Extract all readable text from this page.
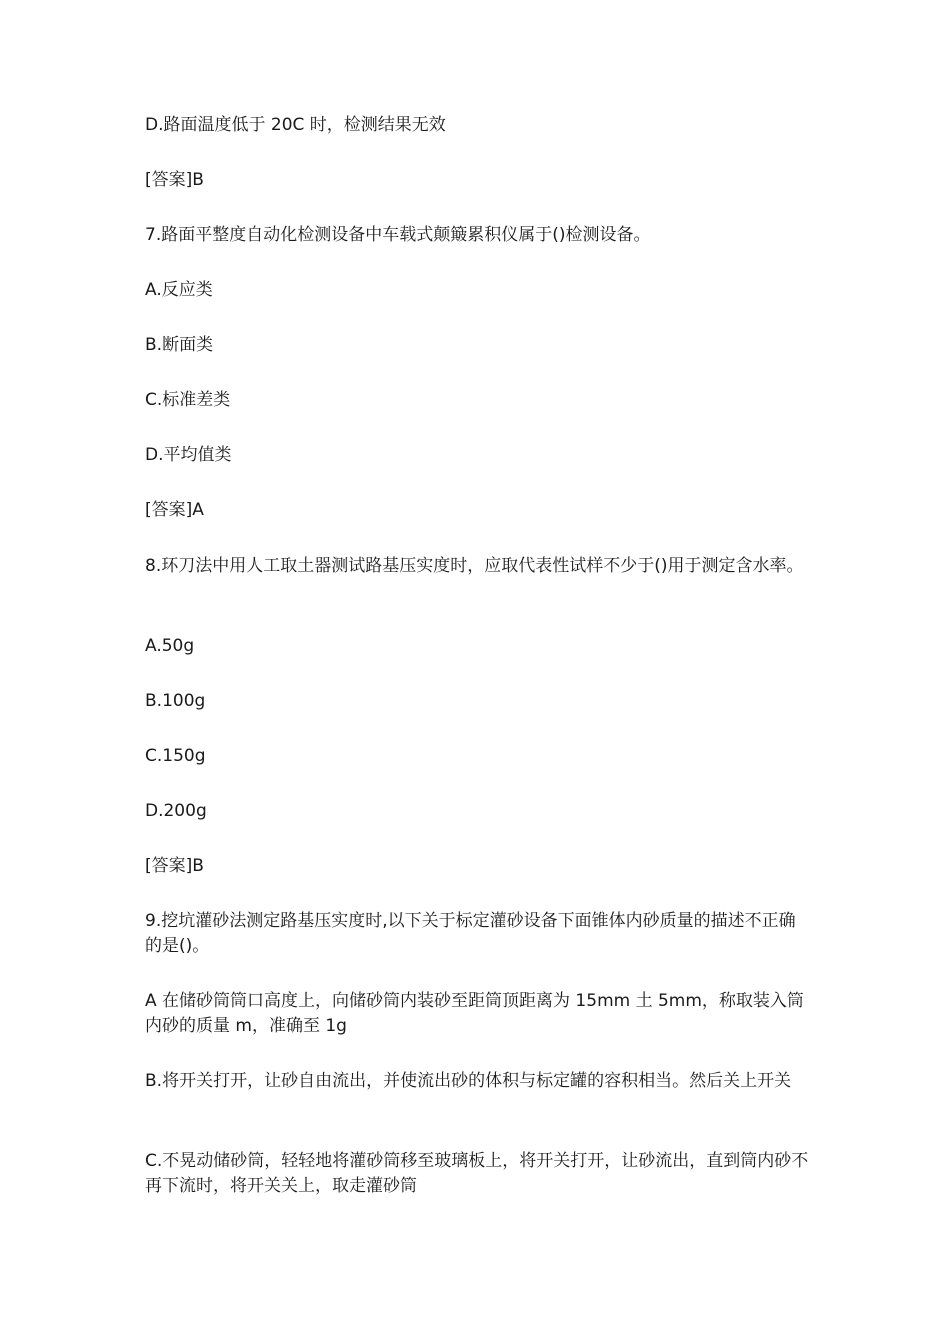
D.路面温度低于 20C 时，检测结果无效
[答案]B
7.路面平整度自动化检测设备中车载式颠簸累积仪属于()检测设备。
A.反应类
B.断面类
C.标准差类
D.平均值类
[答案]A
8.环刀法中用人工取土器测试路基压实度时，应取代表性试样不少于()用于测定含水率。
A.50g
B.100g
C.150g
D.200g
[答案]B
9.挖坑灌砂法测定路基压实度时,以下关于标定灌砂设备下面锥体内砂质量的描述不正确的是()。
A 在储砂筒筒口高度上，向储砂筒内装砂至距筒顶距离为 15mm 土 5mm，称取装入筒内砂的质量 m，准确至 1g
B.将开关打开，让砂自由流出，并使流出砂的体积与标定罐的容积相当。然后关上开关
C.不晃动储砂筒，轻轻地将灌砂筒移至玻璃板上，将开关打开，让砂流出，直到筒内砂不再下流时，将开关关上，取走灌砂筒
